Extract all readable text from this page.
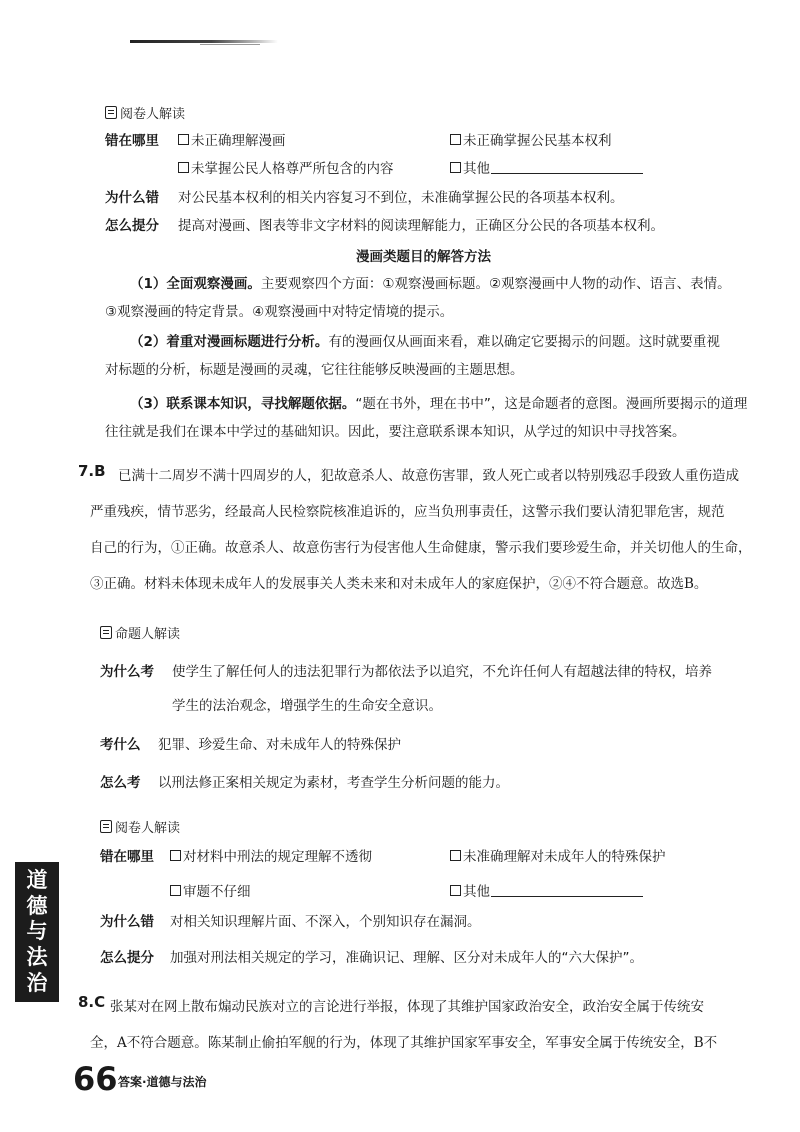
阅卷人解读
错在哪里 未正确理解漫画	未正确掌握公民基本权利
未掌握公民人格尊严所包含的内容	其他
为什么错 对公民基本权利的相关内容复习不到位，未准确掌握公民的各项基本权利。
怎么提分 提高对漫画、图表等非文字材料的阅读理解能力，正确区分公民的各项基本权利。
漫画类题目的解答方法
（1）全面观察漫画。主要观察四个方面：①观察漫画标题。②观察漫画中人物的动作、语言、表情。
③观察漫画的特定背景。④观察漫画中对特定情境的提示。
（2）着重对漫画标题进行分析。有的漫画仅从画面来看，难以确定它要揭示的问题。这时就要重视
对标题的分析，标题是漫画的灵魂，它往往能够反映漫画的主题思想。
（3）联系课本知识，寻找解题依据。“题在书外，理在书中”，这是命题者的意图。漫画所要揭示的道理
往往就是我们在课本中学过的基础知识。因此，要注意联系课本知识，从学过的知识中寻找答案。
7.B 已满十二周岁不满十四周岁的人，犯故意杀人、故意伤害罪，致人死亡或者以特别残忍手段致人重伤造成
严重残疾，情节恶劣，经最高人民检察院核准追诉的，应当负刑事责任，这警示我们要认清犯罪危害，规范
自己的行为，①正确。故意杀人、故意伤害行为侵害他人生命健康，警示我们要珍爱生命，并关切他人的生命，
③正确。材料未体现未成年人的发展事关人类未来和对未成年人的家庭保护，②④不符合题意。故选B。
命题人解读
为什么考 使学生了解任何人的违法犯罪行为都依法予以追究，不允许任何人有超越法律的特权，培养
学生的法治观念，增强学生的生命安全意识。
考什么 犯罪、珍爱生命、对未成年人的特殊保护
怎么考 以刑法修正案相关规定为素材，考查学生分析问题的能力。
阅卷人解读
错在哪里 对材料中刑法的规定理解不透彻	未准确理解对未成年人的特殊保护
审题不仔细	其他
为什么错 对相关知识理解片面、不深入，个别知识存在漏洞。
怎么提分 加强对刑法相关规定的学习，准确识记、理解、区分对未成年人的“六大保护”。
道
德
与
法
治
8.C 张某对在网上散布煽动民族对立的言论进行举报，体现了其维护国家政治安全，政治安全属于传统安
全，A不符合题意。陈某制止偷拍军舰的行为，体现了其维护国家军事安全，军事安全属于传统安全，B不
66 答案·道德与法治
